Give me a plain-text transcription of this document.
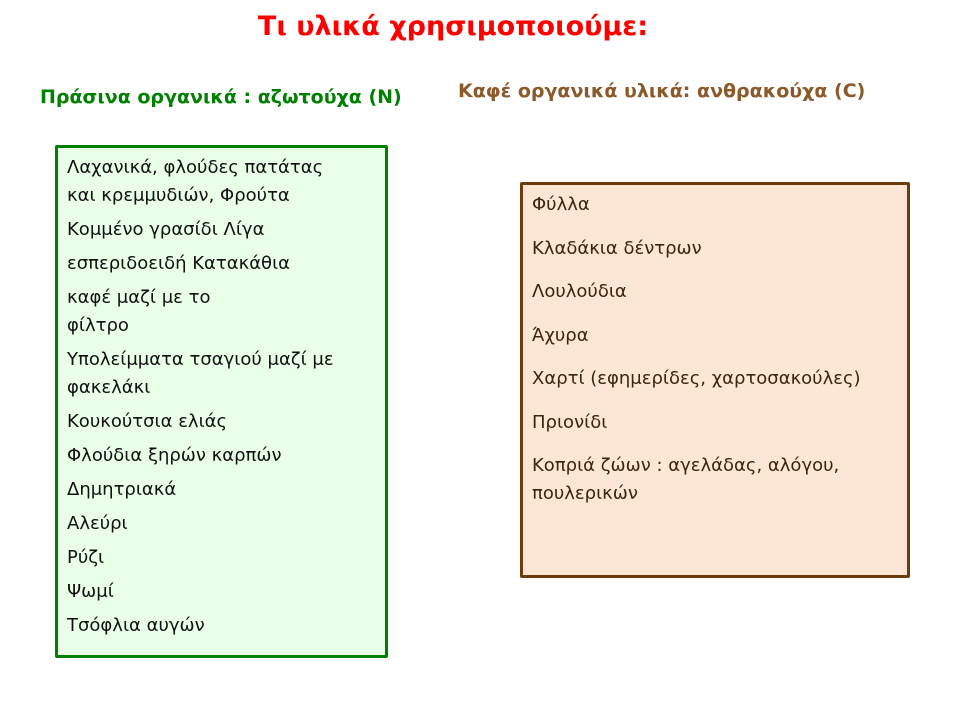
Τι υλικά χρησιμοποιούμε:
Πράσινα οργανικά : αζωτούχα (N)	Καφέ οργανικά υλικά: ανθρακούχα (C)
Λαχανικά, φλούδες πατάτας
και κρεμμυδιών, Φρούτα
Κομμένο γρασίδι Λίγα
εσπεριδοειδή Κατακάθια
καφέ μαζί με το
φίλτρο
Υπολείμματα τσαγιού μαζί με
φακελάκι
Κουκούτσια ελιάς
Φλούδια ξηρών καρπών
Δημητριακά
Αλεύρι
Ρύζι
Ψωμί
Τσόφλια αυγών
Φύλλα
Κλαδάκια δέντρων
Λουλούδια
Άχυρα
Χαρτί (εφημερίδες, χαρτοσακούλες)
Πριονίδι
Κοπριά ζώων : αγελάδας, αλόγου,
πουλερικών
